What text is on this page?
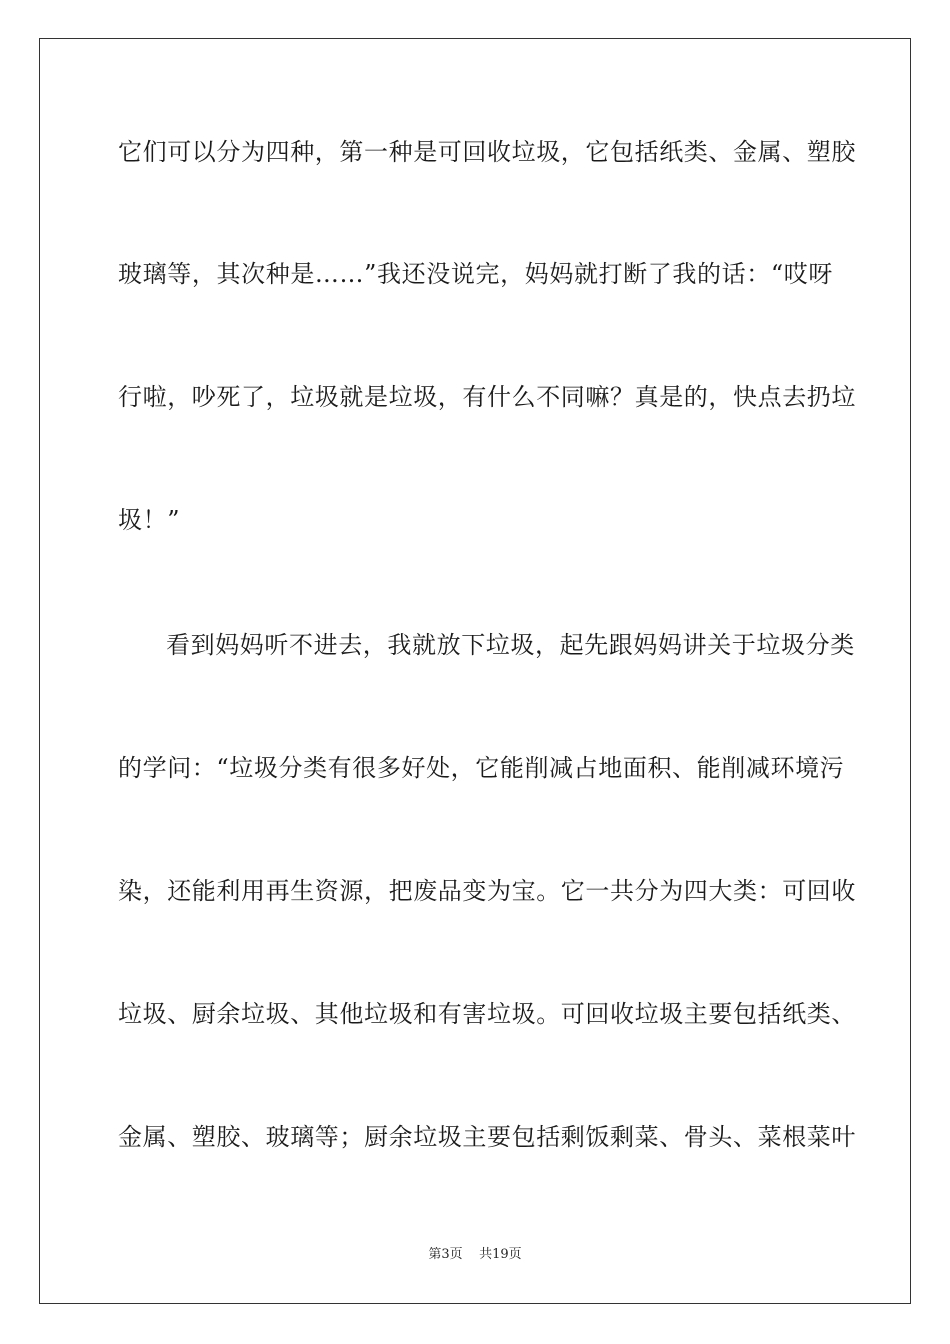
它们可以分为四种，第一种是可回收垃圾，它包括纸类、金属、塑胶
玻璃等，其次种是……”我还没说完，妈妈就打断了我的话：“哎呀
行啦，吵死了，垃圾就是垃圾，有什么不同嘛？真是的，快点去扔垃
圾！”
看到妈妈听不进去，我就放下垃圾，起先跟妈妈讲关于垃圾分类
的学问：“垃圾分类有很多好处，它能削减占地面积、能削减环境污
染，还能利用再生资源，把废品变为宝。它一共分为四大类：可回收
垃圾、厨余垃圾、其他垃圾和有害垃圾。可回收垃圾主要包括纸类、
金属、塑胶、玻璃等；厨余垃圾主要包括剩饭剩菜、骨头、菜根菜叶
第3页 共19页
